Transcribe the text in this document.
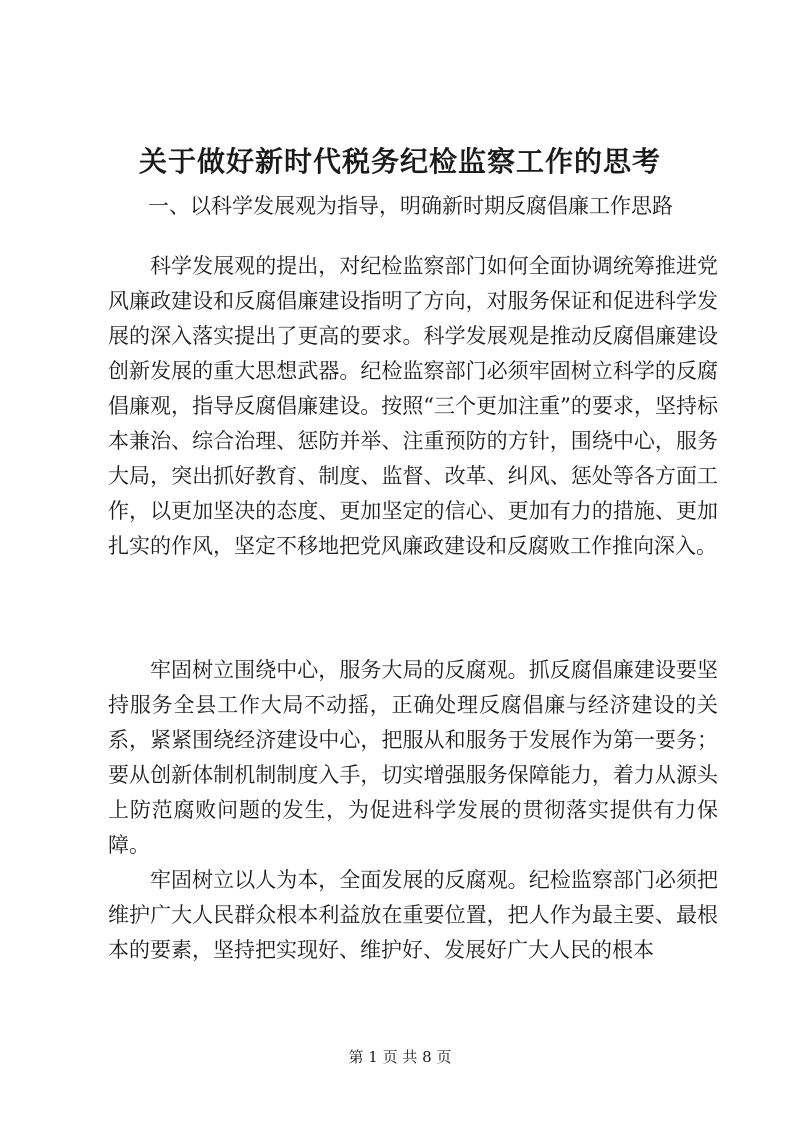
关于做好新时代税务纪检监察工作的思考
一、以科学发展观为指导，明确新时期反腐倡廉工作思路

科学发展观的提出，对纪检监察部门如何全面协调统筹推进党风廉政建设和反腐倡廉建设指明了方向，对服务保证和促进科学发展的深入落实提出了更高的要求。科学发展观是推动反腐倡廉建设创新发展的重大思想武器。纪检监察部门必须牢固树立科学的反腐倡廉观，指导反腐倡廉建设。按照“三个更加注重”的要求，坚持标本兼治、综合治理、惩防并举、注重预防的方针，围绕中心，服务大局，突出抓好教育、制度、监督、改革、纠风、惩处等各方面工作，以更加坚决的态度、更加坚定的信心、更加有力的措施、更加扎实的作风，坚定不移地把党风廉政建设和反腐败工作推向深入。

牢固树立围绕中心，服务大局的反腐观。抓反腐倡廉建设要坚持服务全县工作大局不动摇，正确处理反腐倡廉与经济建设的关系，紧紧围绕经济建设中心，把服从和服务于发展作为第一要务；要从创新体制机制制度入手，切实增强服务保障能力，着力从源头上防范腐败问题的发生，为促进科学发展的贯彻落实提供有力保障。

牢固树立以人为本，全面发展的反腐观。纪检监察部门必须把维护广大人民群众根本利益放在重要位置，把人作为最主要、最根本的要素，坚持把实现好、维护好、发展好广大人民的根本

第 1 页 共 8 页
